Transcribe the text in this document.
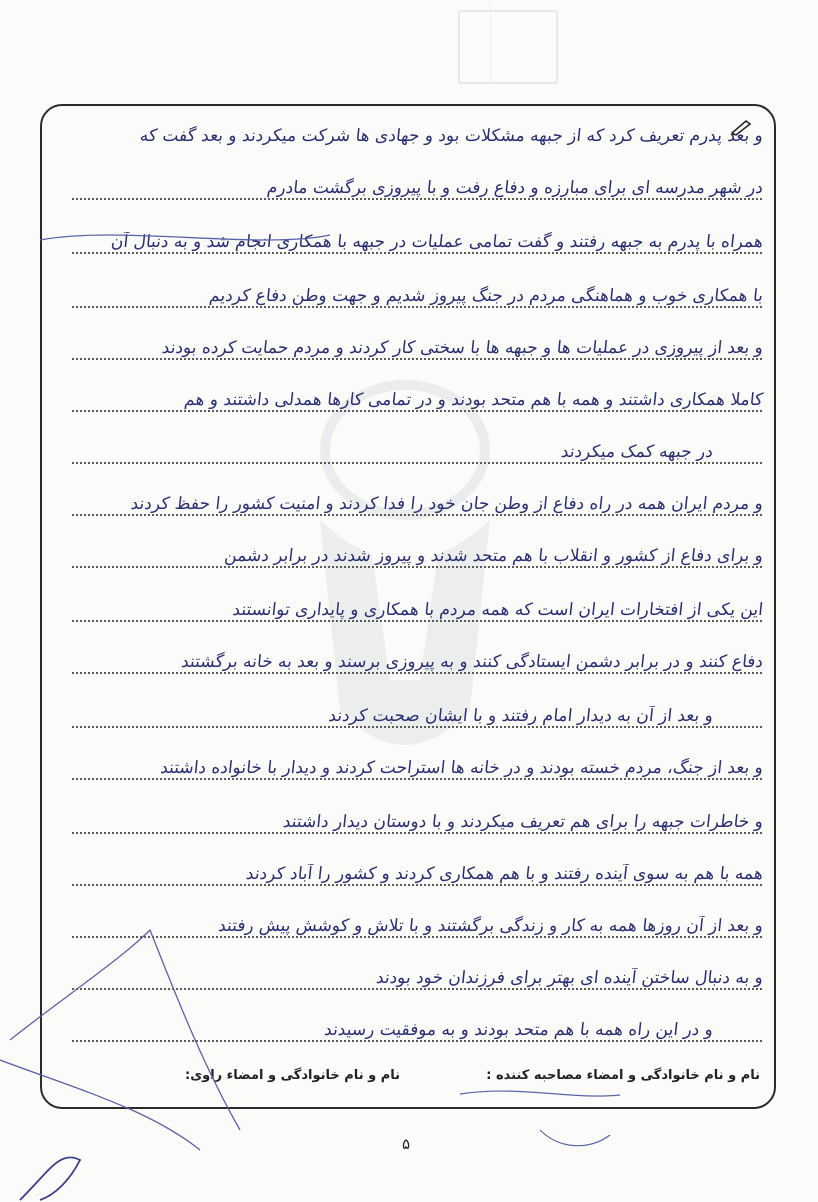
و بعد پدرم تعریف کرد که از جبهه مشکلات بود و جهادی ها شرکت میکردند و بعد گفت که
در شهر مدرسه ای برای مبارزه و دفاع رفت و با پیروزی برگشت مادرم
همراه با پدرم به جبهه رفتند و گفت تمامی عملیات در جبهه با همکاری انجام شد و به دنبال آن
با همکاری خوب و هماهنگی مردم در جنگ پیروز شدیم و جهت وطن دفاع کردیم
و بعد از پیروزی در عملیات ها و جبهه ها با سختی کار کردند و مردم حمایت کرده بودند
کاملا همکاری داشتند و همه با هم متحد بودند و در تمامی کارها همدلی داشتند و هم
در جبهه کمک میکردند
و مردم ایران همه در راه دفاع از وطن جان خود را فدا کردند و امنیت کشور را حفظ کردند
و برای دفاع از کشور و انقلاب با هم متحد شدند و پیروز شدند در برابر دشمن
این یکی از افتخارات ایران است که همه مردم با همکاری و پایداری توانستند
دفاع کنند و در برابر دشمن ایستادگی کنند و به پیروزی برسند و بعد به خانه برگشتند
و بعد از آن به دیدار امام رفتند و با ایشان صحبت کردند
و بعد از جنگ، مردم خسته بودند و در خانه ها استراحت کردند و دیدار با خانواده داشتند
و خاطرات جبهه را برای هم تعریف میکردند و با دوستان دیدار داشتند
همه با هم به سوی آینده رفتند و با هم همکاری کردند و کشور را آباد کردند
و بعد از آن روزها همه به کار و زندگی برگشتند و با تلاش و کوشش پیش رفتند
و به دنبال ساختن آینده ای بهتر برای فرزندان خود بودند
و در این راه همه با هم متحد بودند و به موفقیت رسیدند
نام و نام خانوادگی و امضاء مصاحبه کننده :
نام و نام خانوادگی و امضاء راوی:
۵
